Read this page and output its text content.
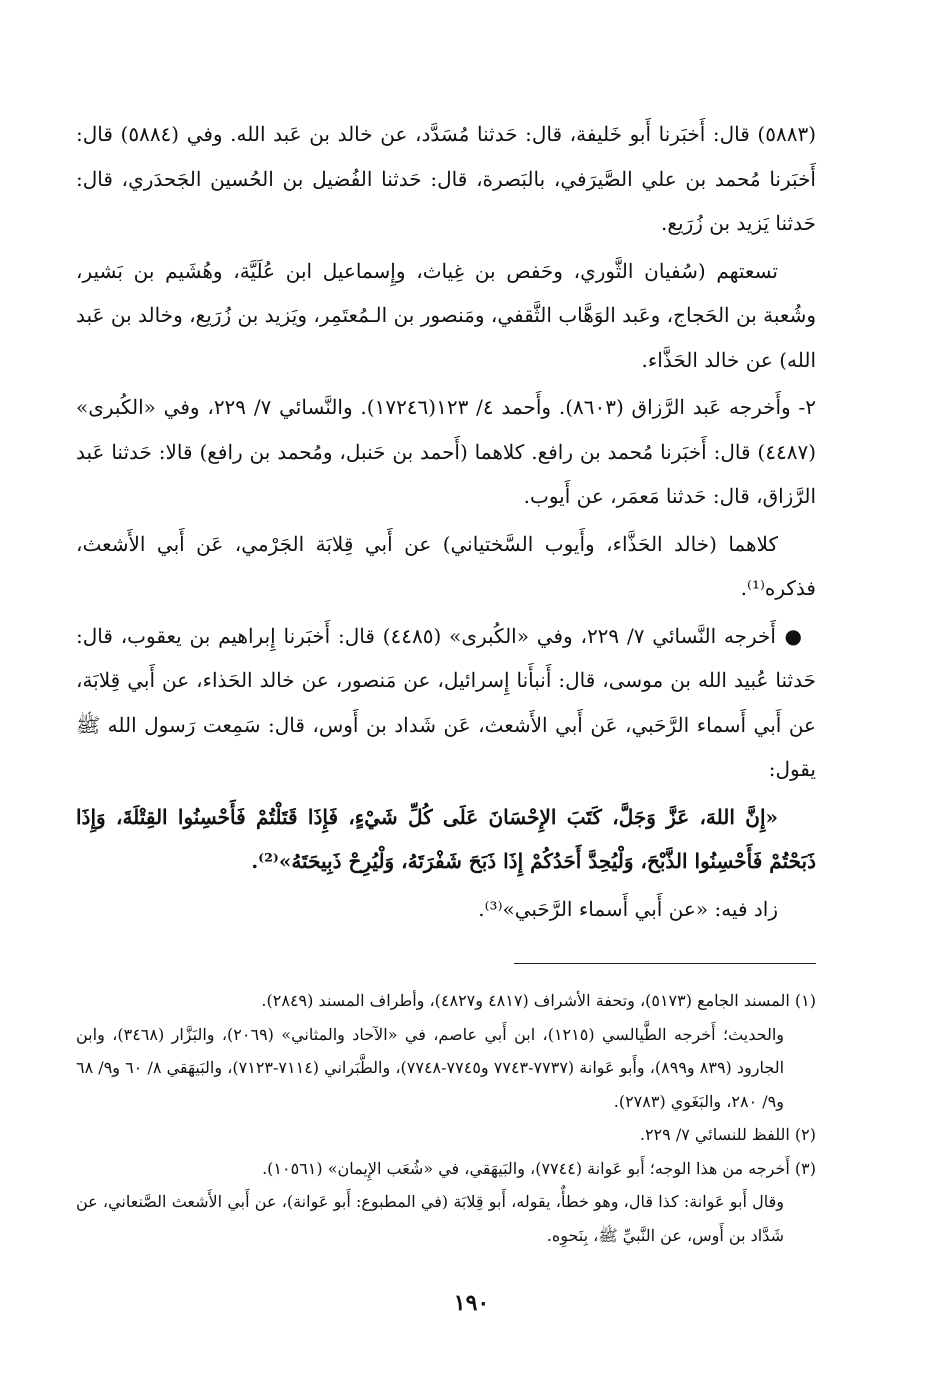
(٥٨٨٣) قال: أَخبَرنا أَبو خَليفة، قال: حَدثنا مُسَدَّد، عن خالد بن عَبد الله. وفي (٥٨٨٤) قال: أَخبَرنا مُحمد بن علي الصَّيرَفي، بالبَصرة، قال: حَدثنا الفُضيل بن الحُسين الجَحدَري، قال: حَدثنا يَزيد بن زُرَيع.

تسعتهم (سُفيان الثَّوري، وحَفص بن غِياث، وإِسماعيل ابن عُلَيَّة، وهُشَيم بن بَشير، وشُعبة بن الحَجاج، وعَبد الوَهَّاب الثَّقفي، ومَنصور بن الـمُعتَمِر، ويَزيد بن زُرَيع، وخالد بن عَبد الله) عن خالد الحَذَّاء.

٢- وأَخرجه عَبد الرَّزاق (٨٦٠٣). وأَحمد ٤/ ١٢٣(١٧٢٤٦). والنَّسائي ٧/ ٢٢٩، وفي «الكُبرى» (٤٤٨٧) قال: أَخبَرنا مُحمد بن رافع. كلاهما (أَحمد بن حَنبل، ومُحمد بن رافع) قالا: حَدثنا عَبد الرَّزاق، قال: حَدثنا مَعمَر، عن أَيوب.

كلاهما (خالد الحَذَّاء، وأَيوب السَّختياني) عن أَبي قِلابَة الجَرْمي، عَن أَبي الأَشعث، فذكره⁽¹⁾.

●أَخرجه النَّسائي ٧/ ٢٢٩، وفي «الكُبرى» (٤٤٨٥) قال: أَخبَرنا إِبراهيم بن يعقوب، قال: حَدثنا عُبيد الله بن موسى، قال: أَنبأَنا إِسرائيل، عن مَنصور، عن خالد الحَذاء، عن أَبي قِلابَة، عن أَبي أَسماء الرَّحَبي، عَن أَبي الأَشعث، عَن شَداد بن أَوس، قال: سَمِعت رَسول الله ﷺ يقول:

«إِنَّ اللهَ، عَزَّ وَجَلَّ، كَتَبَ الإِحْسَانَ عَلَى كُلِّ شَيْءٍ، فَإِذَا قَتَلْتُمْ فَأَحْسِنُوا القِتْلَةَ، وَإِذَا ذَبَحْتُمْ فَأَحْسِنُوا الذَّبْحَ، وَلْيُحِدَّ أَحَدُكُمْ إِذَا ذَبَحَ شَفْرَتَهُ، وَلْيُرِحْ ذَبِيحَتَهُ»⁽²⁾.

زاد فيه: «عن أَبي أَسماء الرَّحَبي»⁽³⁾.

(١) المسند الجامع (٥١٧٣)، وتحفة الأشراف (٤٨١٧ و٤٨٢٧)، وأطراف المسند (٢٨٤٩).

والحديث؛ أَخرجه الطَّيالسي (١٢١٥)، ابن أَبي عاصم، في «الآحاد والمثاني» (٢٠٦٩)، والبَزَّار (٣٤٦٨)، وابن الجارود (٨٣٩ و٨٩٩)، وأَبو عَوانة (٧٧٣٧-٧٧٤٣ و٧٧٤٥-٧٧٤٨)، والطَّبَراني (٧١١٤-٧١٢٣)، والبَيهَقي ٨/ ٦٠ و٩/ ٦٨ و٩/ ٢٨٠، والبَغَوي (٢٧٨٣).

(٢) اللفظ للنسائي ٧/ ٢٢٩.

(٣) أَخرجه من هذا الوجه؛ أَبو عَوانة (٧٧٤٤)، والبَيهَقي، في «شُعَب الإِيمان» (١٠٥٦١).

وقال أَبو عَوانة: كذا قال، وهو خطأٌ، يقوله، أَبو قِلابَة (في المطبوع: أَبو عَوانة)، عن أَبي الأَشعث الصَّنعاني، عن شَدَّاد بن أَوس، عن النَّبيِّ ﷺ، بِنَحوِه.

١٩٠
